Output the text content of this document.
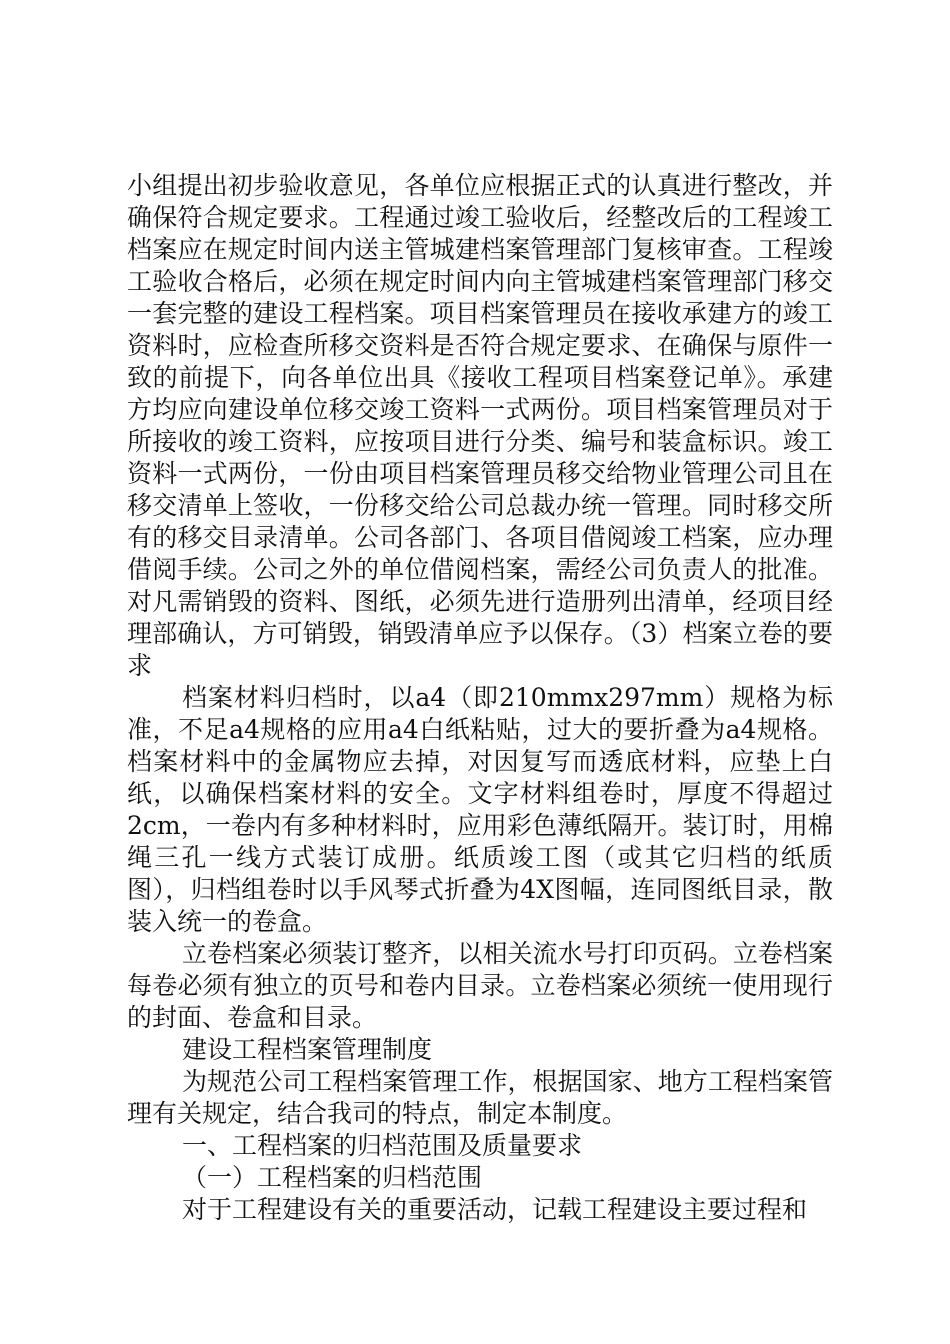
小组提出初步验收意见，各单位应根据正式的认真进行整改，并确保符合规定要求。工程通过竣工验收后，经整改后的工程竣工档案应在规定时间内送主管城建档案管理部门复核审查。工程竣工验收合格后，必须在规定时间内向主管城建档案管理部门移交一套完整的建设工程档案。项目档案管理员在接收承建方的竣工资料时，应检查所移交资料是否符合规定要求、在确保与原件一致的前提下，向各单位出具《接收工程项目档案登记单》。承建方均应向建设单位移交竣工资料一式两份。项目档案管理员对于所接收的竣工资料，应按项目进行分类、编号和装盒标识。竣工资料一式两份，一份由项目档案管理员移交给物业管理公司且在移交清单上签收，一份移交给公司总裁办统一管理。同时移交所有的移交目录清单。公司各部门、各项目借阅竣工档案，应办理借阅手续。公司之外的单位借阅档案，需经公司负责人的批准。对凡需销毁的资料、图纸，必须先进行造册列出清单，经项目经理部确认，方可销毁，销毁清单应予以保存。（3）档案立卷的要求

档案材料归档时，以a4（即210mmx297mm）规格为标准，不足a4规格的应用a4白纸粘贴，过大的要折叠为a4规格。档案材料中的金属物应去掉，对因复写而透底材料，应垫上白纸，以确保档案材料的安全。文字材料组卷时，厚度不得超过2cm，一卷内有多种材料时，应用彩色薄纸隔开。装订时，用棉绳三孔一线方式装订成册。纸质竣工图（或其它归档的纸质图），归档组卷时以手风琴式折叠为4X图幅，连同图纸目录，散装入统一的卷盒。

立卷档案必须装订整齐，以相关流水号打印页码。立卷档案每卷必须有独立的页号和卷内目录。立卷档案必须统一使用现行的封面、卷盒和目录。

建设工程档案管理制度

为规范公司工程档案管理工作，根据国家、地方工程档案管理有关规定，结合我司的特点，制定本制度。

一、工程档案的归档范围及质量要求

（一）工程档案的归档范围

对于工程建设有关的重要活动，记载工程建设主要过程和
